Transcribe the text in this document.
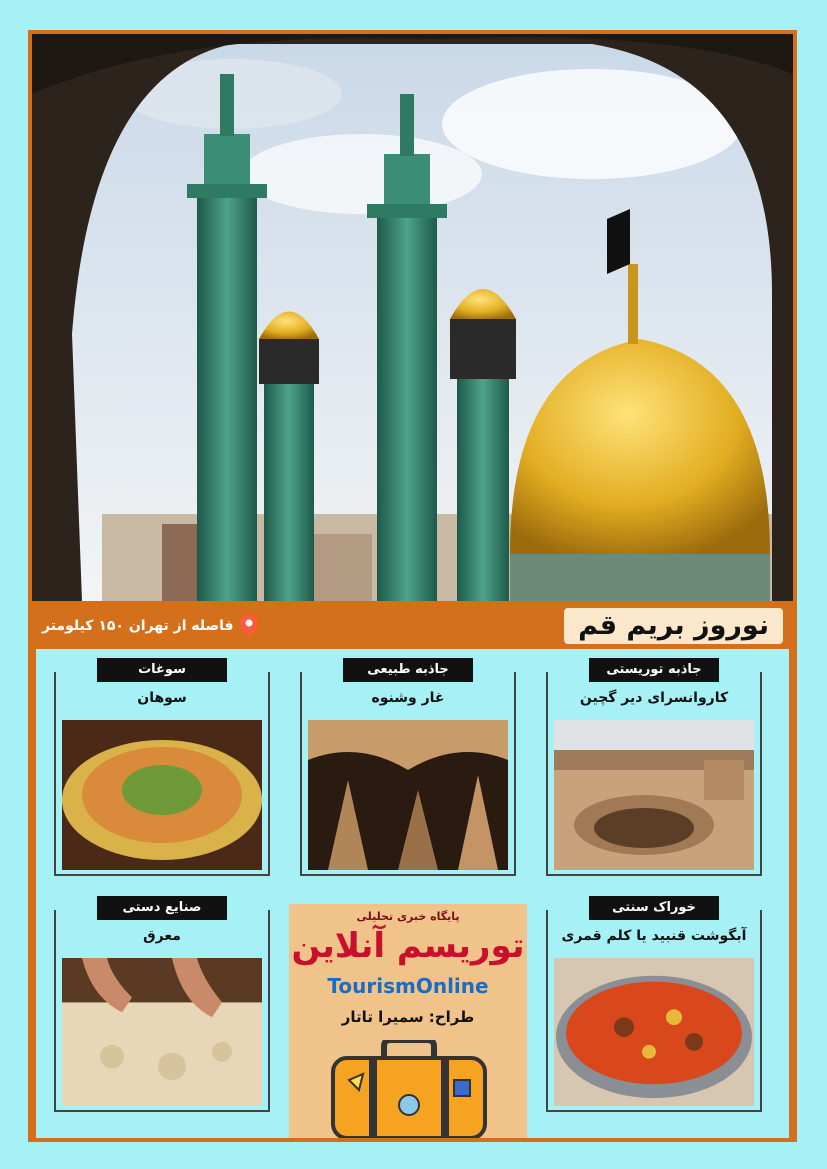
نوروز بریم قم
فاصله از تهران ۱۵۰ کیلومتر
جاذبه توریستی
کاروانسرای دیر گچین
جاذبه طبیعی
غار وشنوه
سوغات
سوهان
خوراک سنتی
آبگوشت قنبید یا کلم قمری
صنایع دستی
معرق
پایگاه خبری تحلیلی
توریسم آنلاین
TourismOnline
طراح: سمیرا تاتار
